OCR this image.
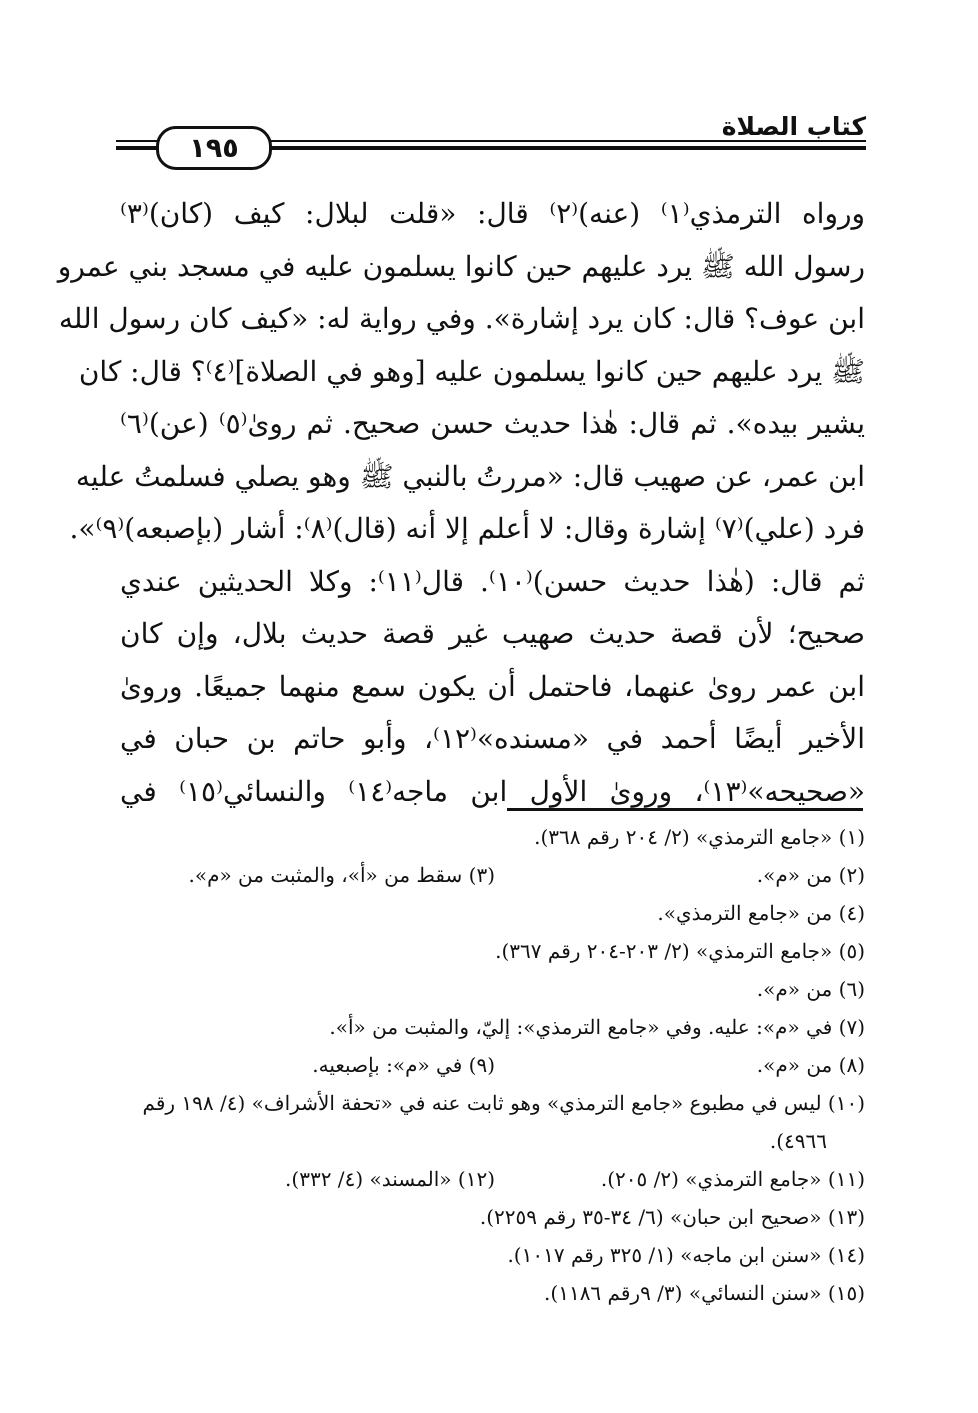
١٩٥
كتاب الصلاة
ورواه الترمذي⁽١⁾ (عنه)⁽٢⁾ قال: «قلت لبلال: كيف (كان)⁽٣⁾
رسول الله ﷺ يرد عليهم حين كانوا يسلمون عليه في مسجد بني عمرو
ابن عوف؟ قال: كان يرد إشارة». وفي رواية له: «كيف كان رسول الله
ﷺ يرد عليهم حين كانوا يسلمون عليه [وهو في الصلاة]⁽٤⁾؟ قال: كان
يشير بيده». ثم قال: هٰذا حديث حسن صحيح. ثم روىٰ⁽٥⁾ (عن)⁽٦⁾
ابن عمر، عن صهيب قال: «مررتُ بالنبي ﷺ وهو يصلي فسلمتُ عليه
فرد (علي)⁽٧⁾ إشارة وقال: لا أعلم إلا أنه (قال)⁽٨⁾: أشار (بإصبعه)⁽٩⁾».
ثم قال: (هٰذا حديث حسن)⁽١٠⁾. قال⁽١١⁾: وكلا الحديثين عندي
صحيح؛ لأن قصة حديث صهيب غير قصة حديث بلال، وإن كان
ابن عمر روىٰ عنهما، فاحتمل أن يكون سمع منهما جميعًا. وروىٰ
الأخير أيضًا أحمد في «مسنده»⁽١٢⁾، وأبو حاتم بن حبان في
«صحيحه»⁽١٣⁾، وروىٰ الأول ابن ماجه⁽١٤⁾ والنسائي⁽١٥⁾ في
(١) «جامع الترمذي» (٢/ ٢٠٤ رقم ٣٦٨).
(٢) من «م».
(٣) سقط من «أ»، والمثبت من «م».
(٤) من «جامع الترمذي».
(٥) «جامع الترمذي» (٢/ ٢٠٣-٢٠٤ رقم ٣٦٧).
(٦) من «م».
(٧) في «م»: عليه. وفي «جامع الترمذي»: إليّ، والمثبت من «أ».
(٨) من «م».
(٩) في «م»: بإصبعيه.
(١٠) ليس في مطبوع «جامع الترمذي» وهو ثابت عنه في «تحفة الأشراف» (٤/ ١٩٨ رقم
٤٩٦٦).
(١١) «جامع الترمذي» (٢/ ٢٠٥).
(١٢) «المسند» (٤/ ٣٣٢).
(١٣) «صحيح ابن حبان» (٦/ ٣٤-٣٥ رقم ٢٢٥٩).
(١٤) «سنن ابن ماجه» (١/ ٣٢٥ رقم ١٠١٧).
(١٥) «سنن النسائي» (٣/ ٩رقم ١١٨٦).
